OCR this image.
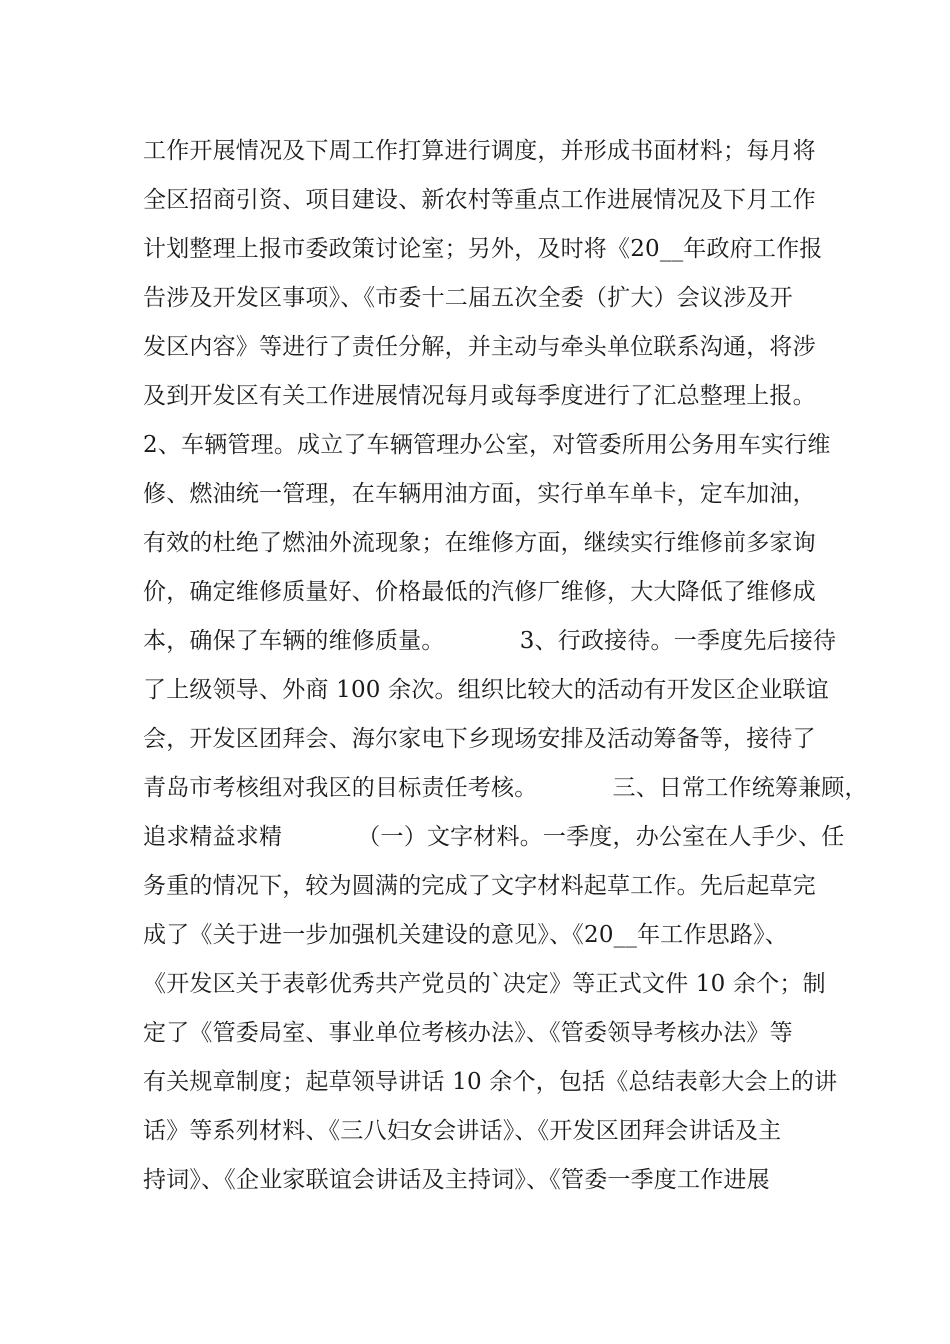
工作开展情况及下周工作打算进行调度，并形成书面材料；每月将
全区招商引资、项目建设、新农村等重点工作进展情况及下月工作
计划整理上报市委政策讨论室；另外，及时将《20__年政府工作报
告涉及开发区事项》、《市委十二届五次全委（扩大）会议涉及开
发区内容》等进行了责任分解，并主动与牵头单位联系沟通，将涉
及到开发区有关工作进展情况每月或每季度进行了汇总整理上报。
2、车辆管理。成立了车辆管理办公室，对管委所用公务用车实行维
修、燃油统一管理，在车辆用油方面，实行单车单卡，定车加油，
有效的杜绝了燃油外流现象；在维修方面，继续实行维修前多家询
价，确定维修质量好、价格最低的汽修厂维修，大大降低了维修成
本，确保了车辆的维修质量。          3、行政接待。一季度先后接待
了上级领导、外商 100 余次。组织比较大的活动有开发区企业联谊
会，开发区团拜会、海尔家电下乡现场安排及活动筹备等，接待了
青岛市考核组对我区的目标责任考核。          三、日常工作统筹兼顾，
追求精益求精          （一）文字材料。一季度，办公室在人手少、任
务重的情况下，较为圆满的完成了文字材料起草工作。先后起草完
成了《关于进一步加强机关建设的意见》、《20__年工作思路》、
《开发区关于表彰优秀共产党员的`决定》等正式文件 10 余个；制
定了《管委局室、事业单位考核办法》、《管委领导考核办法》等
有关规章制度；起草领导讲话 10 余个，包括《总结表彰大会上的讲
话》等系列材料、《三八妇女会讲话》、《开发区团拜会讲话及主
持词》、《企业家联谊会讲话及主持词》、《管委一季度工作进展
